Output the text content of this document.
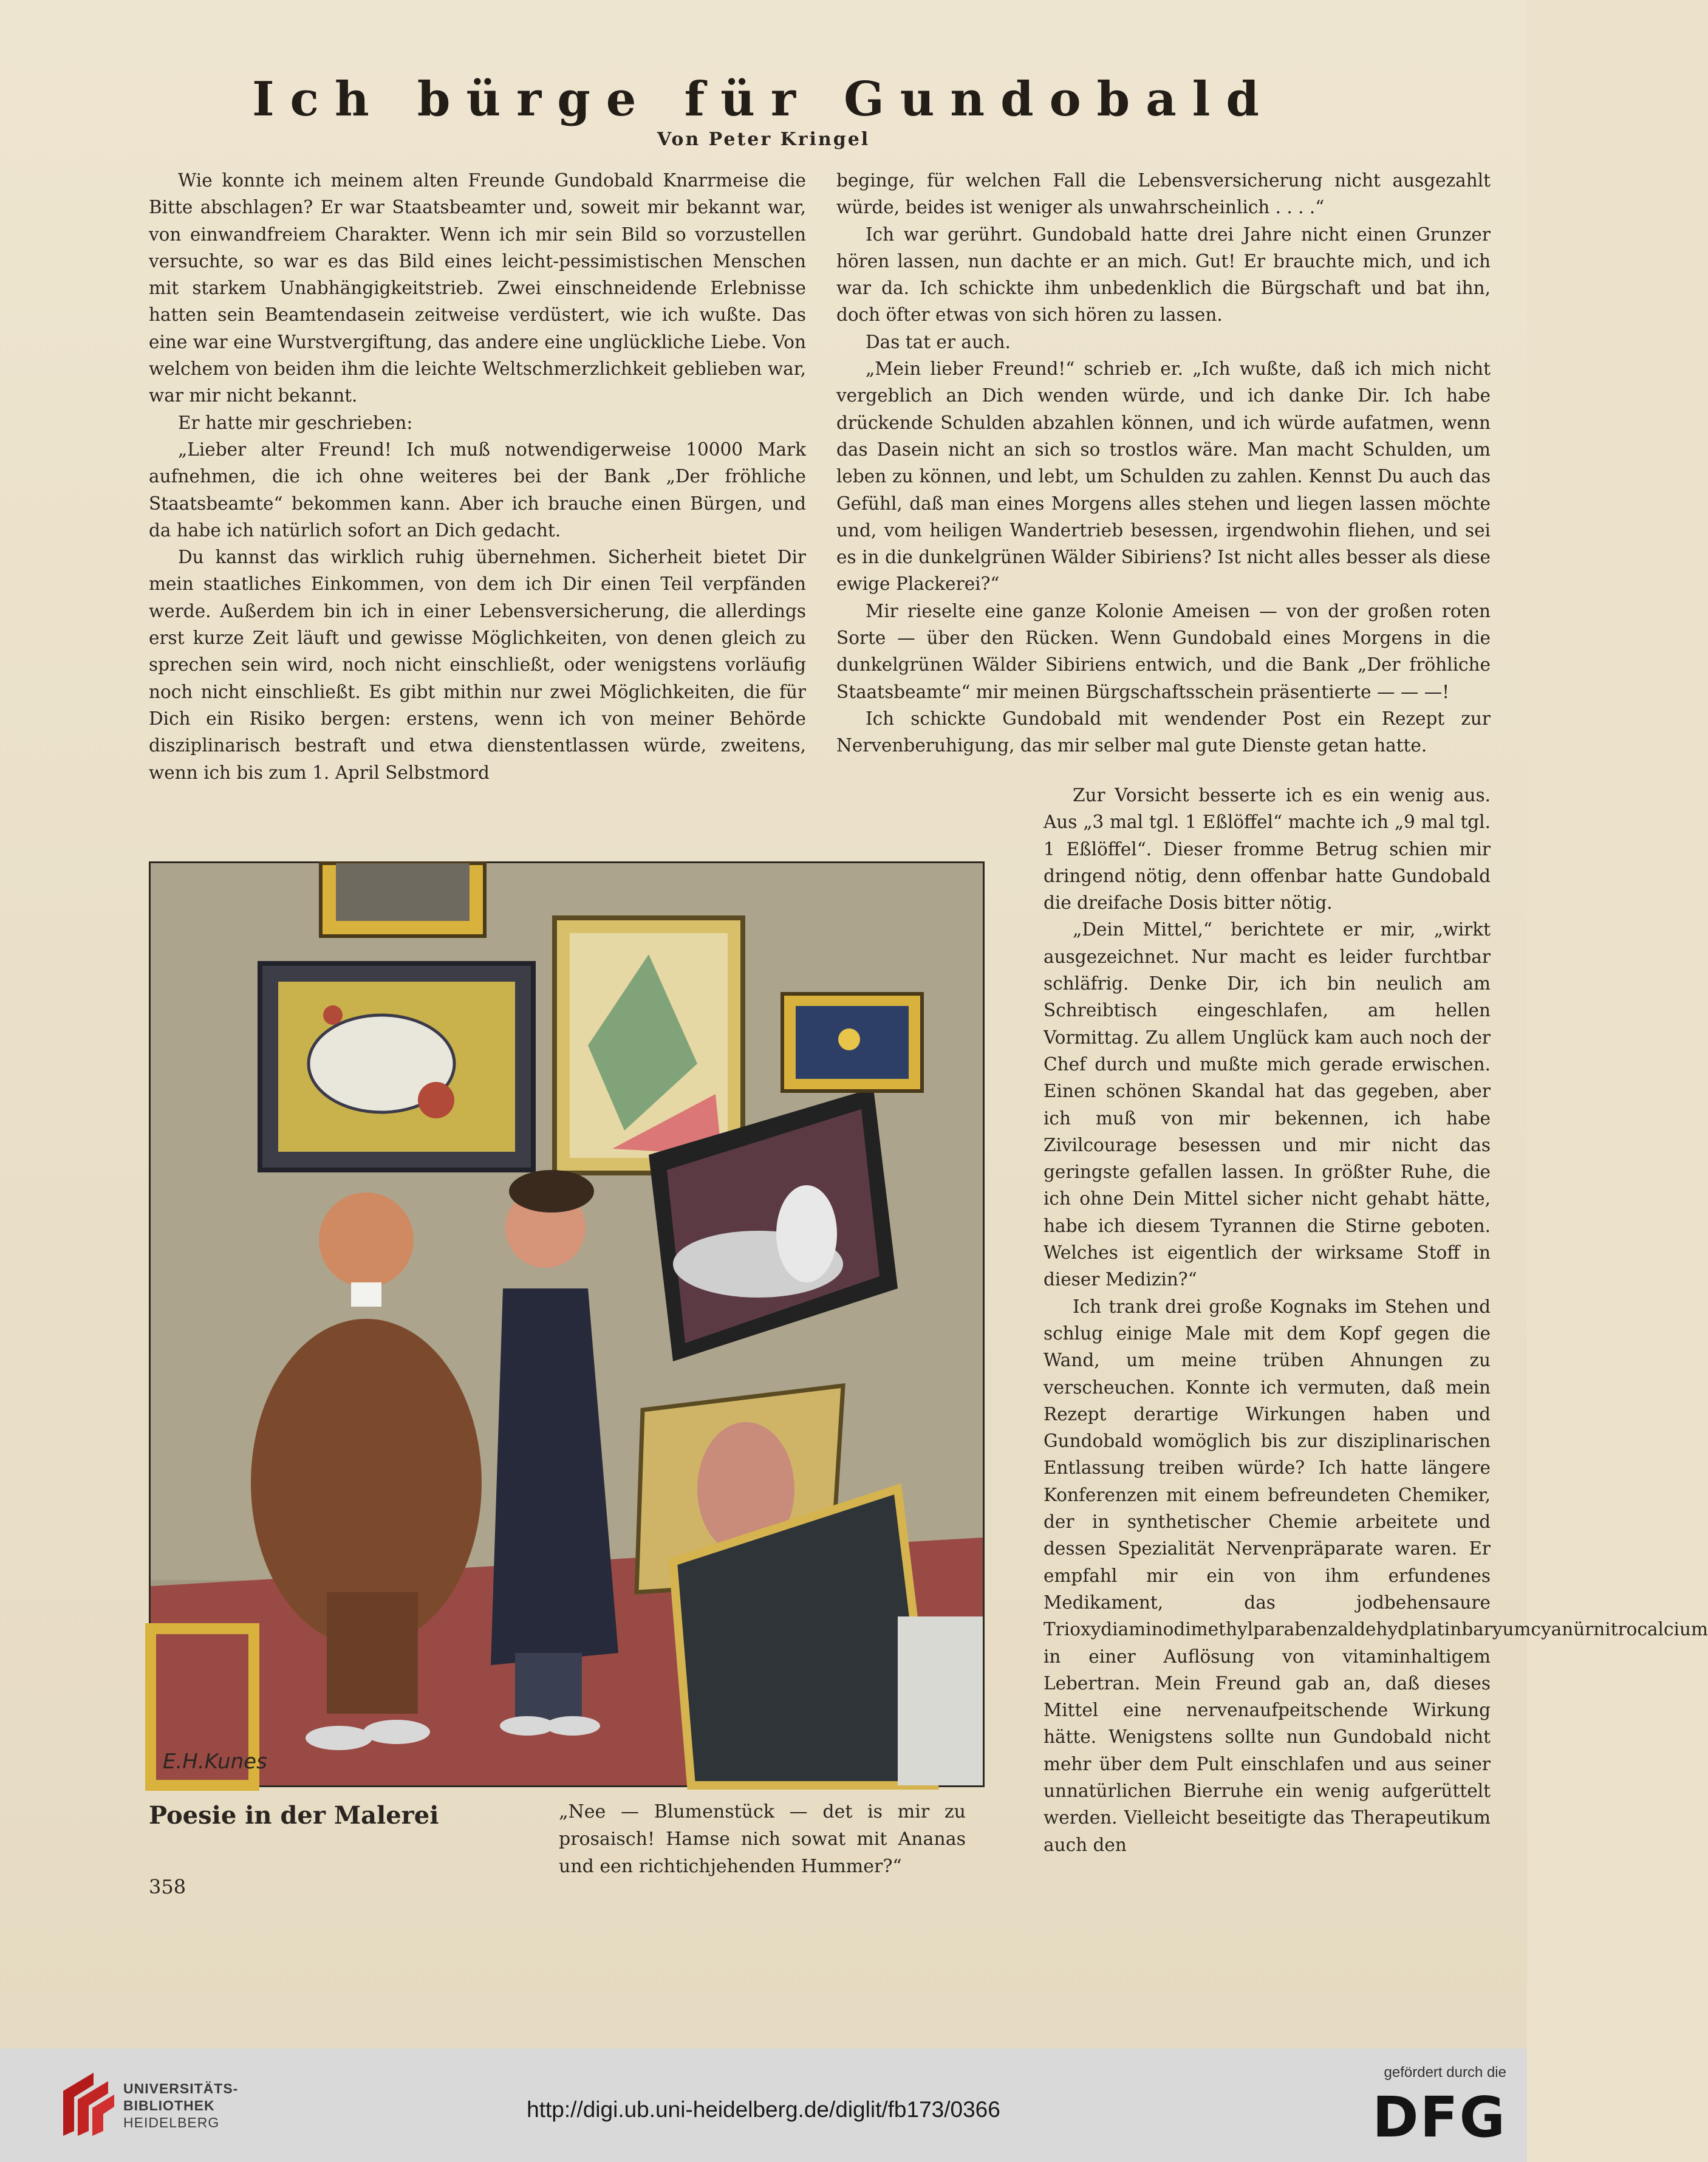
Ich bürge für Gundobald
Von Peter Kringel

Wie konnte ich meinem alten Freunde Gundobald Knarrmeise die Bitte abschlagen? Er war Staatsbeamter und, soweit mir bekannt war, von einwandfreiem Charakter. Wenn ich mir sein Bild so vorzustellen versuchte, so war es das Bild eines leicht-pessimistischen Menschen mit starkem Unabhängigkeitstrieb. Zwei einschneidende Erlebnisse hatten sein Beamtendasein zeitweise verdüstert, wie ich wußte. Das eine war eine Wurstvergiftung, das andere eine unglückliche Liebe. Von welchem von beiden ihm die leichte Weltschmerzlichkeit geblieben war, war mir nicht bekannt.

Er hatte mir geschrieben:

„Lieber alter Freund! Ich muß notwendigerweise 10000 Mark aufnehmen, die ich ohne weiteres bei der Bank „Der fröhliche Staatsbeamte“ bekommen kann. Aber ich brauche einen Bürgen, und da habe ich natürlich sofort an Dich gedacht.

Du kannst das wirklich ruhig übernehmen. Sicherheit bietet Dir mein staatliches Einkommen, von dem ich Dir einen Teil verpfänden werde. Außerdem bin ich in einer Lebensversicherung, die allerdings erst kurze Zeit läuft und gewisse Möglichkeiten, von denen gleich zu sprechen sein wird, noch nicht einschließt, oder wenigstens vorläufig noch nicht einschließt. Es gibt mithin nur zwei Möglichkeiten, die für Dich ein Risiko bergen: erstens, wenn ich von meiner Behörde disziplinarisch bestraft und etwa dienstentlassen würde, zweitens, wenn ich bis zum 1. April Selbstmord

beginge, für welchen Fall die Lebensversicherung nicht ausgezahlt würde, beides ist weniger als unwahrscheinlich . . . .“

Ich war gerührt. Gundobald hatte drei Jahre nicht einen Grunzer hören lassen, nun dachte er an mich. Gut! Er brauchte mich, und ich war da. Ich schickte ihm unbedenklich die Bürgschaft und bat ihn, doch öfter etwas von sich hören zu lassen.

Das tat er auch.

„Mein lieber Freund!“ schrieb er. „Ich wußte, daß ich mich nicht vergeblich an Dich wenden würde, und ich danke Dir. Ich habe drückende Schulden abzahlen können, und ich würde aufatmen, wenn das Dasein nicht an sich so trostlos wäre. Man macht Schulden, um leben zu können, und lebt, um Schulden zu zahlen. Kennst Du auch das Gefühl, daß man eines Morgens alles stehen und liegen lassen möchte und, vom heiligen Wandertrieb besessen, irgendwohin fliehen, und sei es in die dunkelgrünen Wälder Sibiriens? Ist nicht alles besser als diese ewige Plackerei?“

Mir rieselte eine ganze Kolonie Ameisen — von der großen roten Sorte — über den Rücken. Wenn Gundobald eines Morgens in die dunkelgrünen Wälder Sibiriens entwich, und die Bank „Der fröhliche Staatsbeamte“ mir meinen Bürgschaftsschein präsentierte — — —!

Ich schickte Gundobald mit wendender Post ein Rezept zur Nervenberuhigung, das mir selber mal gute Dienste getan hatte.

Zur Vorsicht besserte ich es ein wenig aus. Aus „3 mal tgl. 1 Eßlöffel“ machte ich „9 mal tgl. 1 Eßlöffel“. Dieser fromme Betrug schien mir dringend nötig, denn offenbar hatte Gundobald die dreifache Dosis bitter nötig.

„Dein Mittel,“ berichtete er mir, „wirkt ausgezeichnet. Nur macht es leider furchtbar schläfrig. Denke Dir, ich bin neulich am Schreibtisch eingeschlafen, am hellen Vormittag. Zu allem Unglück kam auch noch der Chef durch und mußte mich gerade erwischen. Einen schönen Skandal hat das gegeben, aber ich muß von mir bekennen, ich habe Zivilcourage besessen und mir nicht das geringste gefallen lassen. In größter Ruhe, die ich ohne Dein Mittel sicher nicht gehabt hätte, habe ich diesem Tyrannen die Stirne geboten. Welches ist eigentlich der wirksame Stoff in dieser Medizin?“

Ich trank drei große Kognaks im Stehen und schlug einige Male mit dem Kopf gegen die Wand, um meine trüben Ahnungen zu verscheuchen. Konnte ich vermuten, daß mein Rezept derartige Wirkungen haben und Gundobald womöglich bis zur disziplinarischen Entlassung treiben würde? Ich hatte längere Konferenzen mit einem befreundeten Chemiker, der in synthetischer Chemie arbeitete und dessen Spezialität Nervenpräparate waren. Er empfahl mir ein von ihm erfundenes Medikament, das jodbehensaure Trioxydiaminodimethylparabenzaldehydplatinbaryumcyanürnitrocalcium in einer Auflösung von vitaminhaltigem Lebertran. Mein Freund gab an, daß dieses Mittel eine nervenaufpeitschende Wirkung hätte. Wenigstens sollte nun Gundobald nicht mehr über dem Pult einschlafen und aus seiner unnatürlichen Bierruhe ein wenig aufgerüttelt werden. Vielleicht beseitigte das Therapeutikum auch den

E.H.Kunes
Poesie in der Malerei	„Nee — Blumenstück — det is mir zu prosaisch! Hamse nich sowat mit Ananas und een richtichjehenden Hummer?“
358
UNIVERSITÄTS-
BIBLIOTHEK
HEIDELBERG
http://digi.ub.uni-heidelberg.de/diglit/fb173/0366
gefördert durch die
DFG
